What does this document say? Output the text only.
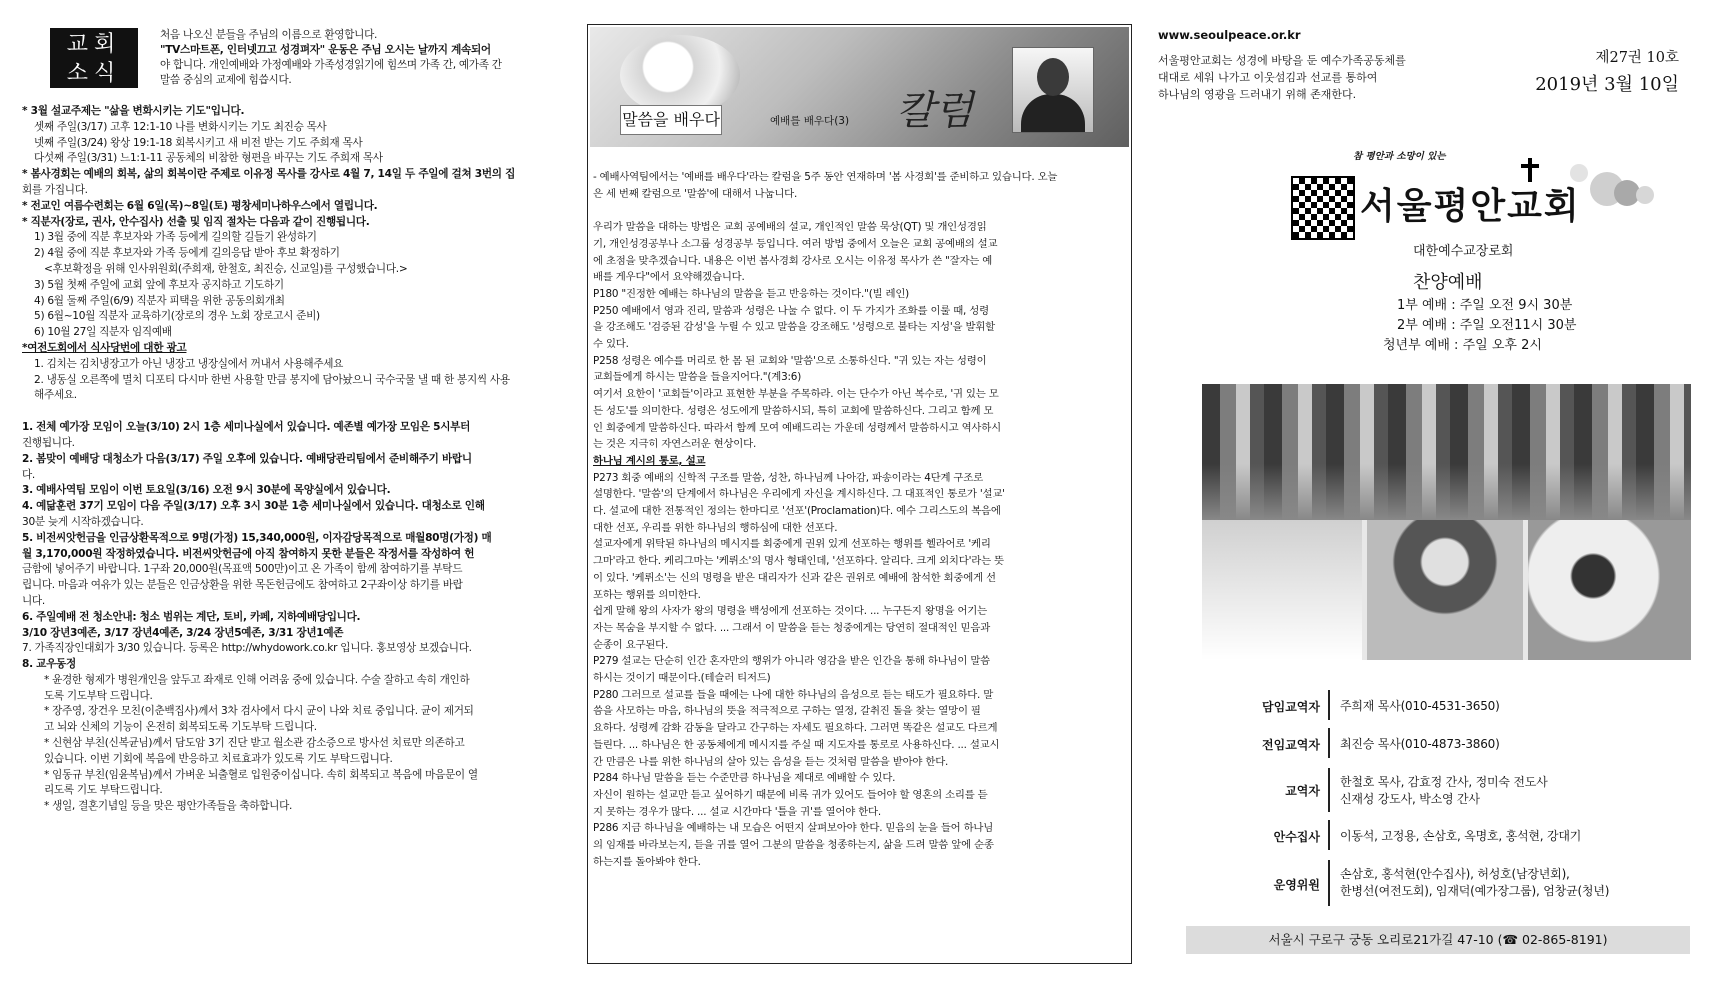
교회
소식
처음 나오신 분들을 주님의 이름으로 환영합니다.
"TV스마트폰, 인터넷끄고 성경펴자" 운동은 주님 오시는 날까지 계속되어
야 합니다. 개인예배와 가정예배와 가족성경읽기에 힘쓰며 가족 간, 예가족 간
말씀 중심의 교제에 힘씁시다.
* 3월 설교주제는 "삶을 변화시키는 기도"입니다.
셋째 주일(3/17) 고후 12:1-10 나를 변화시키는 기도 최진승 목사
넷째 주일(3/24) 왕상 19:1-18 회복시키고 새 비전 받는 기도 주희재 목사
다섯째 주일(3/31) 느1:1-11 공동체의 비참한 형편을 바꾸는 기도 주희재 목사
* 봄사경회는 예배의 회복, 삶의 회복이란 주제로 이유정 목사를 강사로 4월 7, 14일 두 주일에 걸쳐 3번의 집
회를 가집니다.
* 전교인 여름수련회는 6월 6일(목)~8일(토) 평창세미나하우스에서 열립니다.
* 직분자(장로, 권사, 안수집사) 선출 및 임직 절차는 다음과 같이 진행됩니다.
1) 3월 중에 직분 후보자와 가족 등에게 길의할 길들기 완성하기
2) 4월 중에 직분 후보자와 가족 등에게 길의응답 받아 후보 확정하기
<후보확정을 위해 인사위원회(주희재, 한철호, 최진승, 신교일)를 구성했습니다.>
3) 5월 첫째 주일에 교회 앞에 후보자 공지하고 기도하기
4) 6월 둘째 주일(6/9) 직분자 피택을 위한 공동의회개최
5) 6월~10월 직분자 교육하기(장로의 경우 노회 장로고시 준비)
6) 10월 27일 직분자 임직예배
*여전도회에서 식사당번에 대한 광고
1. 김치는 김치냉장고가 아닌 냉장고 냉장실에서 꺼내서 사용해주세요
2. 냉동실 오른쪽에 멸치 디포티 다시마 한번 사용할 만큼 봉지에 담아놨으니 국수국물 낼 때 한 봉지씩 사용
해주세요.
1. 전체 예가장 모임이 오늘(3/10) 2시 1층 세미나실에서 있습니다. 예존별 예가장 모임은 5시부터
진행됩니다.
2. 봄맞이 예배당 대청소가 다음(3/17) 주일 오후에 있습니다. 예배당관리팀에서 준비해주기 바랍니
다.
3. 예배사역팀 모임이 이번 토요일(3/16) 오전 9시 30분에 목양실에서 있습니다.
4. 예닮훈련 37기 모임이 다음 주일(3/17) 오후 3시 30분 1층 세미나실에서 있습니다. 대청소로 인해
30분 늦게 시작하겠습니다.
5. 비전씨앗헌금을 인금상환목적으로 9명(가정) 15,340,000원, 이자감당목적으로 매월80명(가정) 매
월 3,170,000원 작정하였습니다. 비전씨앗헌금에 아직 참여하지 못한 분들은 작정서를 작성하여 헌
금함에 넣어주기 바랍니다. 1구좌 20,000원(목표액 500만)이고 온 가족이 함께 참여하기를 부탁드
립니다. 마음과 여유가 있는 분들은 인금상환을 위한 목돈헌금에도 참여하고 2구좌이상 하기를 바랍
니다.
6. 주일예배 전 청소안내: 청소 범위는 계단, 토비, 카페, 지하예배당입니다.
3/10 장년3예존, 3/17 장년4예존, 3/24 장년5예존, 3/31 장년1예존
7. 가족직장인대회가 3/30 있습니다. 등록은 http://whydowork.co.kr 입니다. 홍보영상 보겠습니다.
8. 교우동정
* 윤경한 형제가 병원개인을 앞두고 좌재로 인해 어려움 중에 있습니다. 수술 잘하고 속히 개인하
도록 기도부탁 드립니다.
* 장주영, 장건우 모친(이춘백집사)께서 3차 검사에서 다시 균이 나와 치료 중입니다. 균이 제거되
고 뇌와 신체의 기능이 온전히 회복되도록 기도부탁 드립니다.
* 신현삼 부친(신복균님)께서 담도암 3기 진단 받고 월소관 감소증으로 방사선 치료만 의존하고
있습니다. 이번 기회에 복음에 반응하고 치료효과가 있도록 기도 부탁드립니다.
* 임동규 부친(임윤복님)께서 가벼운 뇌출혈로 입원중이십니다. 속히 회복되고 복음에 마음문이 열
리도록 기도 부탁드립니다.
* 생일, 결혼기념일 등을 맞은 평안가족들을 축하합니다.
말씀을 배우다	예배를 배우다(3) 칼럼
- 예배사역팀에서는 '예배를 배우다'라는 칼럼을 5주 동안 연재하며 '봄 사경회'를 준비하고 있습니다. 오늘
은 세 번째 칼럼으로 '말씀'에 대해서 나눕니다.
우리가 말씀을 대하는 방법은 교회 공예배의 설교, 개인적인 말씀 묵상(QT) 및 개인성경읽
기, 개인성경공부나 소그룹 성경공부 등입니다. 여러 방법 중에서 오늘은 교회 공예배의 설교
에 초점을 맞추겠습니다. 내용은 이번 봄사경회 강사로 오시는 이유정 목사가 쓴 "잘자는 예
배를 게우다"에서 요약해겠습니다.
P180 "진정한 예배는 하나님의 말씀을 듣고 반응하는 것이다."(빌 레인)
P250 예배에서 영과 진리, 말씀과 성령은 나눌 수 없다. 이 두 가지가 조화를 이룰 때, 성령
을 강조해도 '검증된 감성'을 누릴 수 있고 말씀을 강조해도 '성령으로 불타는 지성'을 발휘할
수 있다.
P258 성령은 예수를 머리로 한 몸 된 교회와 '말씀'으로 소통하신다. "귀 있는 자는 성령이
교회들에게 하시는 말씀을 들을지어다."(계3:6)
여기서 요한이 '교회들'이라고 표현한 부분을 주목하라. 이는 단수가 아닌 복수로, '귀 있는 모
든 성도'를 의미한다. 성령은 성도에게 말씀하시되, 특히 교회에 말씀하신다. 그리고 함께 모
인 회중에게 말씀하신다. 따라서 함께 모여 예배드리는 가운데 성령께서 말씀하시고 역사하시
는 것은 지극히 자연스러운 현상이다.
하나님 계시의 통로, 설교
P273 회중 예배의 신학적 구조를 말씀, 성찬, 하나님께 나아감, 파송이라는 4단계 구조로
설명한다. '말씀'의 단계에서 하나님은 우리에게 자신을 계시하신다. 그 대표적인 통로가 '설교'
다. 설교에 대한 전통적인 정의는 한마디로 '선포'(Proclamation)다. 예수 그리스도의 복음에
대한 선포, 우리를 위한 하나님의 행하심에 대한 선포다.
설교자에게 위탁된 하나님의 메시지를 회중에게 권위 있게 선포하는 행위를 헬라어로 '케리
그마'라고 한다. 케리그마는 '케뤼소'의 명사 형태인데, '선포하다. 알리다. 크게 외치다'라는 뜻
이 있다. '케뤼소'는 신의 명령을 받은 대리자가 신과 같은 권위로 예배에 참석한 회중에게 선
포하는 행위를 의미한다.
쉽게 말해 왕의 사자가 왕의 명령을 백성에게 선포하는 것이다. ... 누구든지 왕명을 어기는
자는 목숨을 부지할 수 없다. ... 그래서 이 말씀을 듣는 청중에게는 당연히 절대적인 믿음과
순종이 요구된다.
P279 설교는 단순히 인간 혼자만의 행위가 아니라 영감을 받은 인간을 통해 하나님이 말씀
하시는 것이기 때문이다.(테슬러 티저드)
P280 그러므로 설교를 들을 때에는 나에 대한 하나님의 음성으로 듣는 태도가 필요하다. 말
씀을 사모하는 마음, 하나님의 뜻을 적극적으로 구하는 열정, 갈취진 돌을 찾는 열망이 필
요하다. 성령께 감화 감동을 달라고 간구하는 자세도 필요하다. 그러면 똑같은 설교도 다르게
들린다. ... 하나님은 한 공동체에게 메시지를 주실 때 지도자를 통로로 사용하신다. ... 설교시
간 만큼은 나를 위한 하나님의 살아 있는 음성을 듣는 것처럼 말씀을 받아야 한다.
P284 하나님 말씀을 듣는 수준만큼 하나님을 제대로 예배할 수 있다.
자신이 원하는 설교만 듣고 싶어하기 때문에 비록 귀가 있어도 들어야 할 영혼의 소리를 듣
지 못하는 경우가 많다. ... 설교 시간마다 '틀을 귀'를 열어야 한다.
P286 지금 하나님을 예배하는 내 모습은 어떤지 살펴보아야 한다. 믿음의 눈을 들어 하나님
의 임재를 바라보는지, 듣을 귀를 열어 그분의 말씀을 청종하는지, 삶을 드려 말씀 앞에 순종
하는지를 돌아봐야 한다.
www.seoulpeace.or.kr
서울평안교회는 성경에 바탕을 둔 예수가족공동체를
대대로 세워 나가고 이웃섬김과 선교를 통하여
하나님의 영광을 드러내기 위해 존재한다.
제27권 10호
2019년 3월 10일
참 평안과 소망이 있는
서울평안교회
대한예수교장로회
찬양예배
1부 예배 : 주일 오전 9시 30분
2부 예배 : 주일 오전11시 30분
청년부 예배 : 주일 오후 2시
담임교역자 주희재 목사(010-4531-3650)
전임교역자 최진승 목사(010-4873-3860)
교역자
한철호 목사, 감효정 간사, 정미숙 전도사
신재성 강도사, 박소영 간사
안수집사 이동석, 고정용, 손삼호, 옥명호, 홍석현, 강대기
운영위원
손삼호, 홍석현(안수집사), 허성호(남장년회),
한병선(여전도회), 임재덕(예가장그룹), 엄창균(청년)
서울시 구로구 궁동 오리로21가길 47-10 (☎ 02-865-8191)
